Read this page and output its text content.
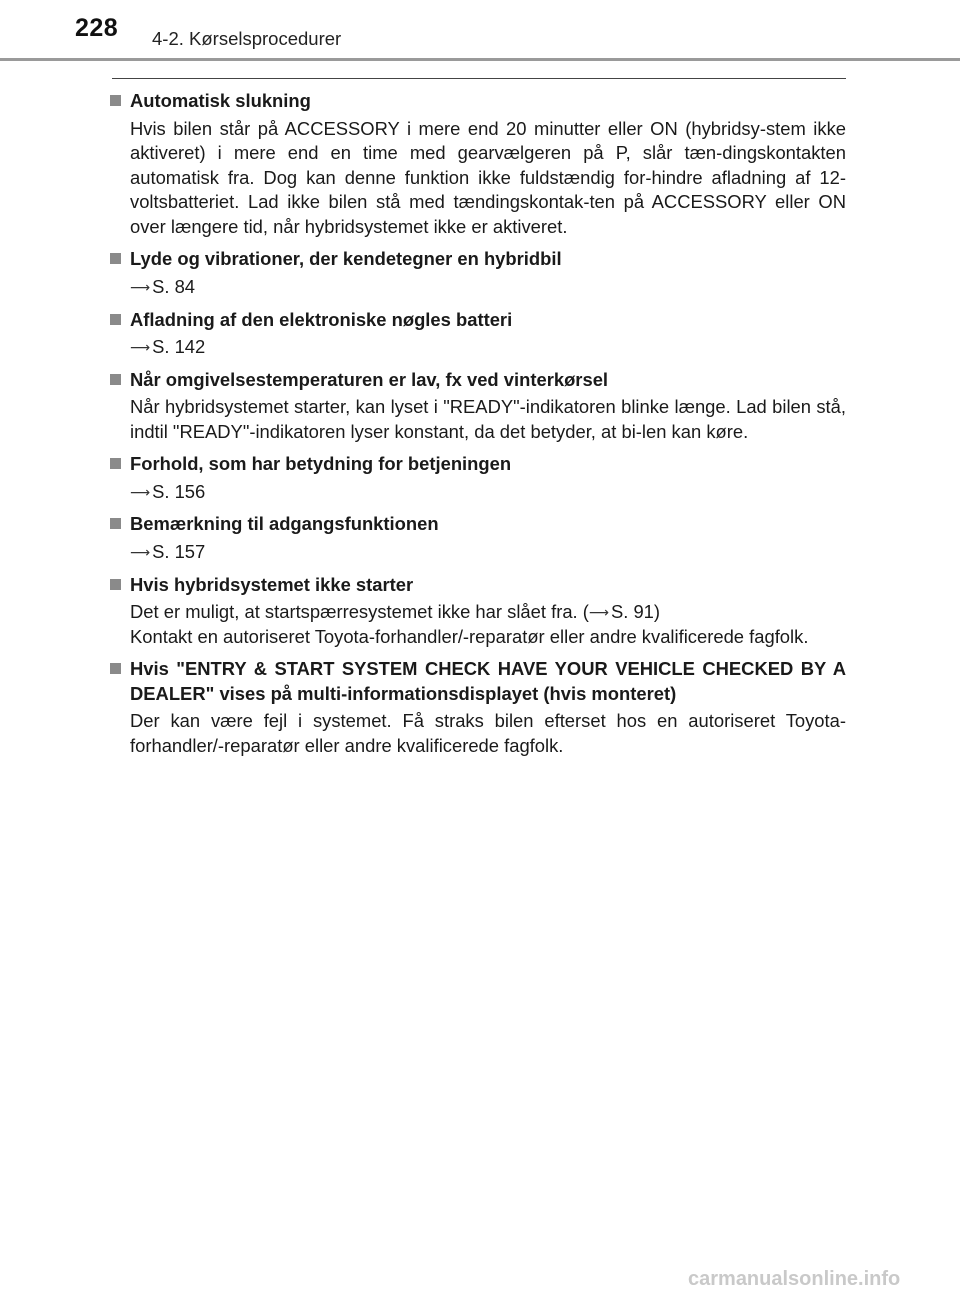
228 4-2. Kørselsprocedurer
Automatisk slukning
Hvis bilen står på ACCESSORY i mere end 20 minutter eller ON (hybridsy-stem ikke aktiveret) i mere end en time med gearvælgeren på P, slår tæn-dingskontakten automatisk fra. Dog kan denne funktion ikke fuldstændig for-hindre afladning af 12-voltsbatteriet. Lad ikke bilen stå med tændingskontak-ten på ACCESSORY eller ON over længere tid, når hybridsystemet ikke er aktiveret.
Lyde og vibrationer, der kendetegner en hybridbil
⟶ S. 84
Afladning af den elektroniske nøgles batteri
⟶ S. 142
Når omgivelsestemperaturen er lav, fx ved vinterkørsel
Når hybridsystemet starter, kan lyset i "READY"-indikatoren blinke længe. Lad bilen stå, indtil "READY"-indikatoren lyser konstant, da det betyder, at bi-len kan køre.
Forhold, som har betydning for betjeningen
⟶ S. 156
Bemærkning til adgangsfunktionen
⟶ S. 157
Hvis hybridsystemet ikke starter
Det er muligt, at startspærresystemet ikke har slået fra. (⟶ S. 91)
Kontakt en autoriseret Toyota-forhandler/-reparatør eller andre kvalificerede fagfolk.
Hvis "ENTRY & START SYSTEM CHECK HAVE YOUR VEHICLE CHECKED BY A DEALER" vises på multi-informationsdisplayet (hvis monteret)
Der kan være fejl i systemet. Få straks bilen efterset hos en autoriseret Toyota-forhandler/-reparatør eller andre kvalificerede fagfolk.
carmanualsonline.info
